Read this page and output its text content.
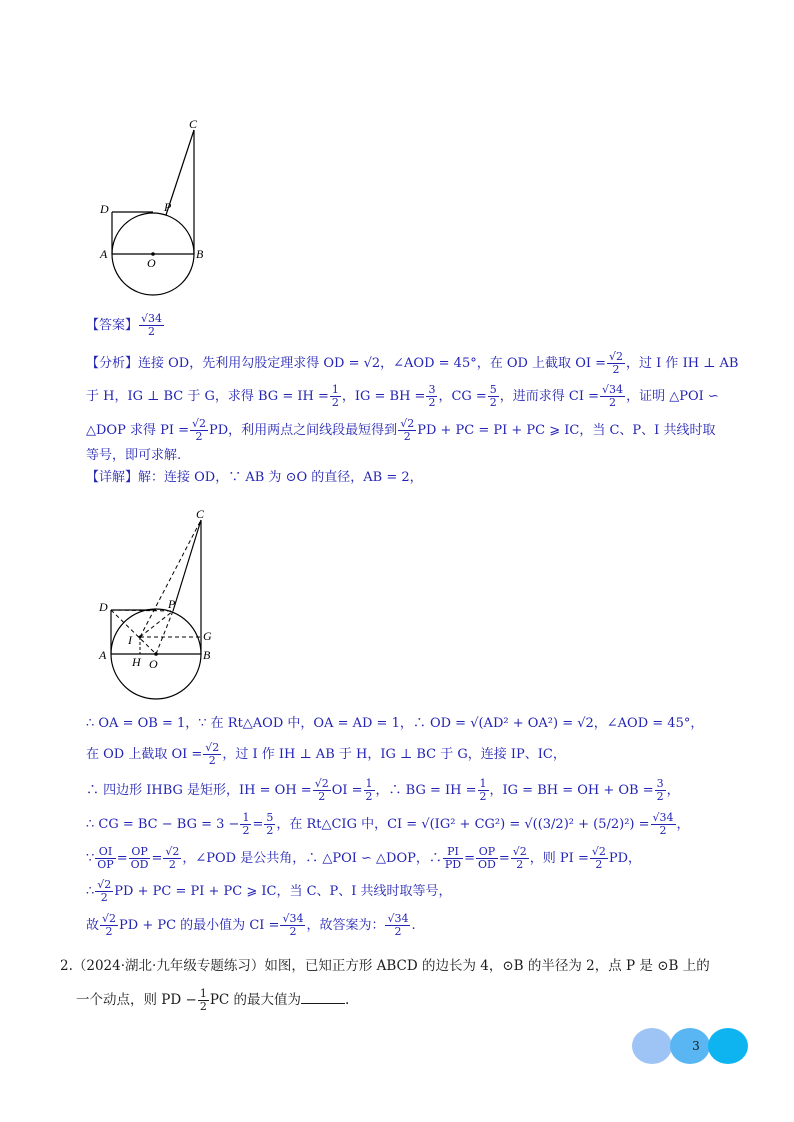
C
D	P
A
O
B
【答案】 $\frac{√34}{2}$
【分析】连接 OD，先利用勾股定理求得 OD = √2，∠AOD = 45°，在 OD 上截取 OI = $\frac{√2}{2}$ ，过 I 作 IH ⊥ AB
于 H，IG ⊥ BC 于 G，求得 BG = IH = $\frac{1}{2}$ ，IG = BH = $\frac{3}{2}$ ，CG = $\frac{5}{2}$ ，进而求得 CI = $\frac{√34}{2}$ ，证明 △POI ∽
△DOP 求得 PI = $\frac{√2}{2}$ PD，利用两点之间线段最短得到 $\frac{√2}{2}$ PD + PC = PI + PC ⩾ IC，当 C、P、I 共线时取
等号，即可求解.
【详解】解：连接 OD，∵ AB 为 ⊙O 的直径，AB = 2，
C
D	P
I	G
A H O
B
∴ OA = OB = 1，∵ 在 Rt△AOD 中，OA = AD = 1，∴ OD = √(AD² + OA²) = √2，∠AOD = 45°，
在 OD 上截取 OI = $\frac{√2}{2}$ ，过 I 作 IH ⊥ AB 于 H，IG ⊥ BC 于 G，连接 IP、IC，
∴ 四边形 IHBG 是矩形，IH = OH = $\frac{√2}{2}$ OI = $\frac{1}{2}$ ，∴ BG = IH = $\frac{1}{2}$ ，IG = BH = OH + OB = $\frac{3}{2}$ ，
∴ CG = BC − BG = $3 - \frac{1}{2} = \frac{5}{2}$ ，在 Rt△CIG 中，CI = $√(IG^2 + CG^2) = √((3/2)^2 + (5/2)^2) = \frac{√34}{2}$ ，
∵ $\frac{OI}{OP} = \frac{OP}{OD} = \frac{√2}{2}$ ，∠POD 是公共角，∴ △POI ∽ △DOP，∴ $\frac{PI}{PD} = \frac{OP}{OD} = \frac{√2}{2}$ ，则 PI = $\frac{√2}{2}$ PD，
∴ $\frac{√2}{2}$ PD + PC = PI + PC ⩾ IC，当 C、P、I 共线时取等号，
故 $\frac{√2}{2}$ PD + PC 的最小值为 CI = $\frac{√34}{2}$ ，故答案为： $\frac{√34}{2}$ .
2.（2024·湖北·九年级专题练习）如图，已知正方形 ABCD 的边长为 4，⊙B 的半径为 2，点 P 是 ⊙B 上的
一个动点，则 PD − $\frac{1}{2}$ PC 的最大值为	.
3
